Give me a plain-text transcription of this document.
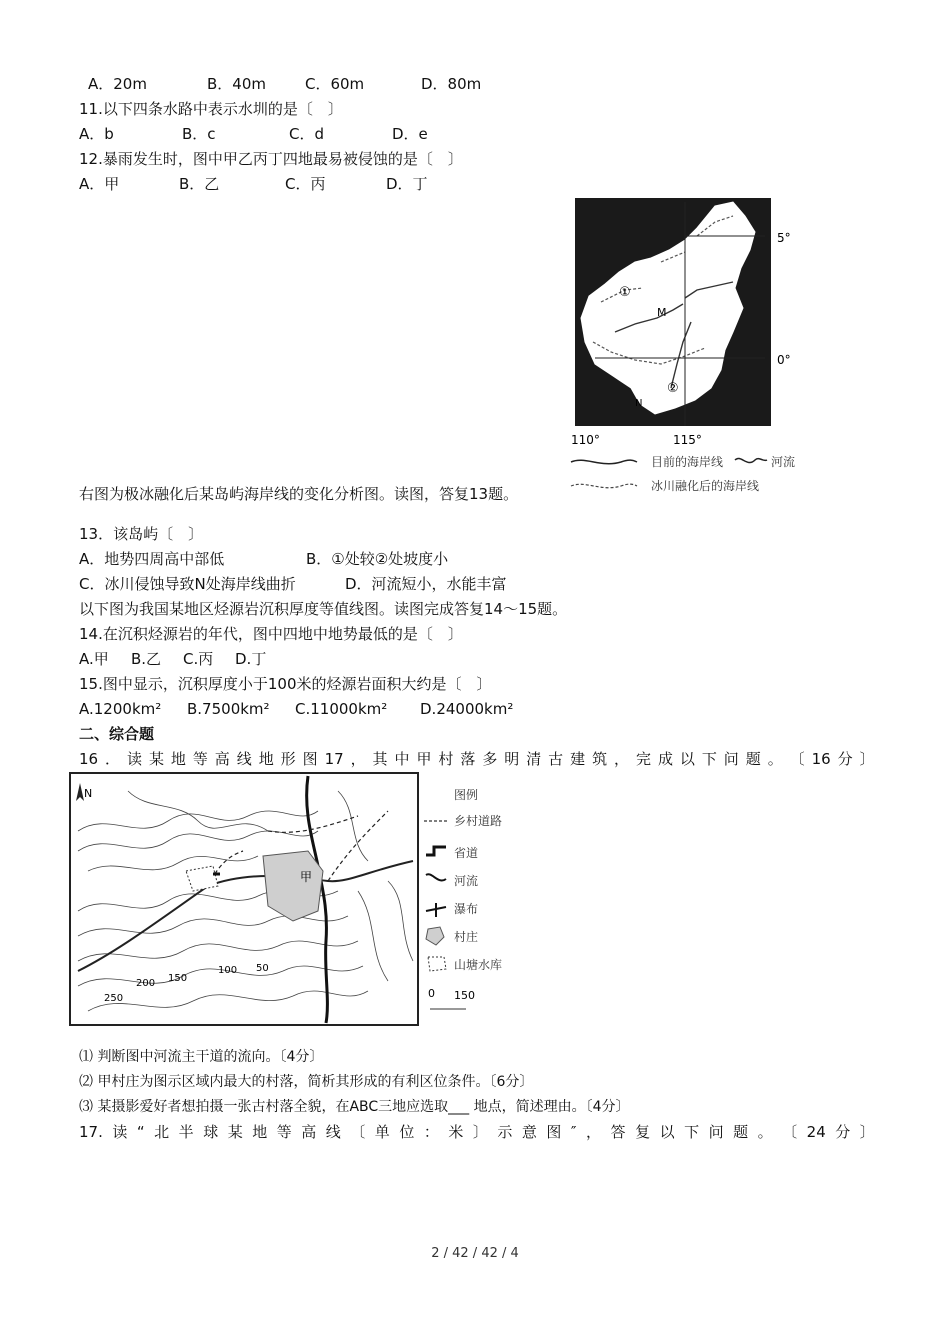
A．20m	B．40m	C．60m	D．80m
11.以下四条水路中表示水圳的是〔　〕
A．b	B．c	C．d	D．e
12.暴雨发生时，图中甲乙丙丁四地最易被侵蚀的是〔　〕
A．甲	B．乙	C．丙	D．丁
①
M
②
N
5°
0°
110°	115°
目前的海岸线	河流
冰川融化后的海岸线
右图为极冰融化后某岛屿海岸线的变化分析图。读图，答复13题。
13．该岛屿〔　〕
A．地势四周高中部低	B．①处较②处坡度小
C．冰川侵蚀导致N处海岸线曲折	D．河流短小，水能丰富
以下图为我国某地区烃源岩沉积厚度等值线图。读图完成答复14～15题。
14.在沉积烃源岩的年代，图中四地中地势最低的是〔　〕
A.甲 B.乙 C.丙 D.丁
15.图中显示，沉积厚度小于100米的烃源岩面积大约是〔　〕
A.1200km² B.7500km² C.11000km² D.24000km²
二、综合题
16 ． 读 某 地 等 高 线 地 形 图 17 ， 其 中 甲 村 落 多 明 清 古 建 筑 ， 完 成 以 下 问 题 。 〔 16 分 〕
甲
N
250
200 150
100 50
图例
乡村道路
省道
河流
瀑布
村庄
山塘水库
0 150
⑴ 判断图中河流主干道的流向。〔4分〕
⑵ 甲村庄为图示区域内最大的村落，简析其形成的有利区位条件。〔6分〕
⑶ 某摄影爱好者想拍摄一张古村落全貌，在ABC三地应选取___ 地点，简述理由。〔4分〕
17. 读 “ 北 半 球 某 地 等 高 线 〔 单 位 ： 米 〕 示 意 图 ″ ， 答 复 以 下 问 题 。 〔 24 分 〕
2 / 42 / 42 / 4
